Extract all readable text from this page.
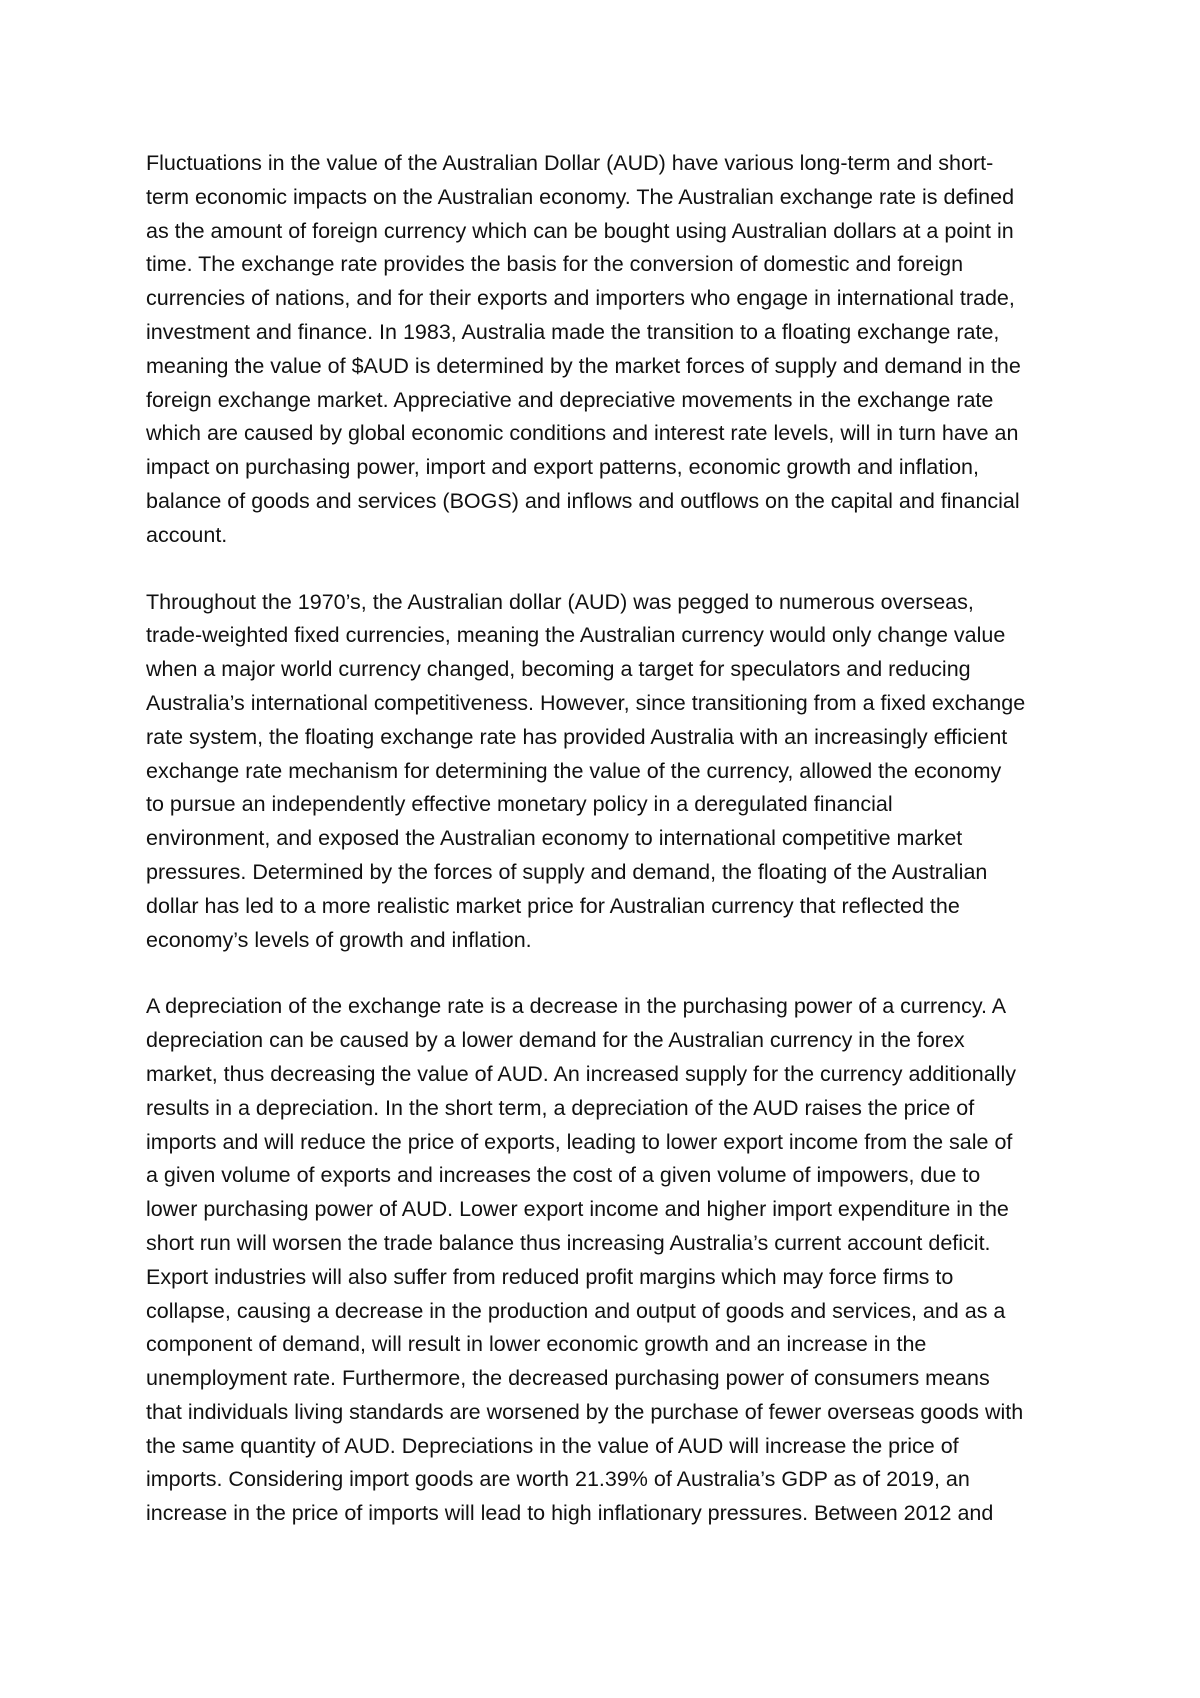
Fluctuations in the value of the Australian Dollar (AUD) have various long-term and short-
term economic impacts on the Australian economy. The Australian exchange rate is defined
as the amount of foreign currency which can be bought using Australian dollars at a point in
time. The exchange rate provides the basis for the conversion of domestic and foreign
currencies of nations, and for their exports and importers who engage in international trade,
investment and finance. In 1983, Australia made the transition to a floating exchange rate,
meaning the value of $AUD is determined by the market forces of supply and demand in the
foreign exchange market. Appreciative and depreciative movements in the exchange rate
which are caused by global economic conditions and interest rate levels, will in turn have an
impact on purchasing power, import and export patterns, economic growth and inflation,
balance of goods and services (BOGS) and inflows and outflows on the capital and financial
account.
Throughout the 1970’s, the Australian dollar (AUD) was pegged to numerous overseas,
trade-weighted fixed currencies, meaning the Australian currency would only change value
when a major world currency changed, becoming a target for speculators and reducing
Australia’s international competitiveness. However, since transitioning from a fixed exchange
rate system, the floating exchange rate has provided Australia with an increasingly efficient
exchange rate mechanism for determining the value of the currency, allowed the economy
to pursue an independently effective monetary policy in a deregulated financial
environment, and exposed the Australian economy to international competitive market
pressures. Determined by the forces of supply and demand, the floating of the Australian
dollar has led to a more realistic market price for Australian currency that reflected the
economy’s levels of growth and inflation.
A depreciation of the exchange rate is a decrease in the purchasing power of a currency. A
depreciation can be caused by a lower demand for the Australian currency in the forex
market, thus decreasing the value of AUD. An increased supply for the currency additionally
results in a depreciation. In the short term, a depreciation of the AUD raises the price of
imports and will reduce the price of exports, leading to lower export income from the sale of
a given volume of exports and increases the cost of a given volume of impowers, due to
lower purchasing power of AUD. Lower export income and higher import expenditure in the
short run will worsen the trade balance thus increasing Australia’s current account deficit.
Export industries will also suffer from reduced profit margins which may force firms to
collapse, causing a decrease in the production and output of goods and services, and as a
component of demand, will result in lower economic growth and an increase in the
unemployment rate. Furthermore, the decreased purchasing power of consumers means
that individuals living standards are worsened by the purchase of fewer overseas goods with
the same quantity of AUD. Depreciations in the value of AUD will increase the price of
imports. Considering import goods are worth 21.39% of Australia’s GDP as of 2019, an
increase in the price of imports will lead to high inflationary pressures. Between 2012 and
